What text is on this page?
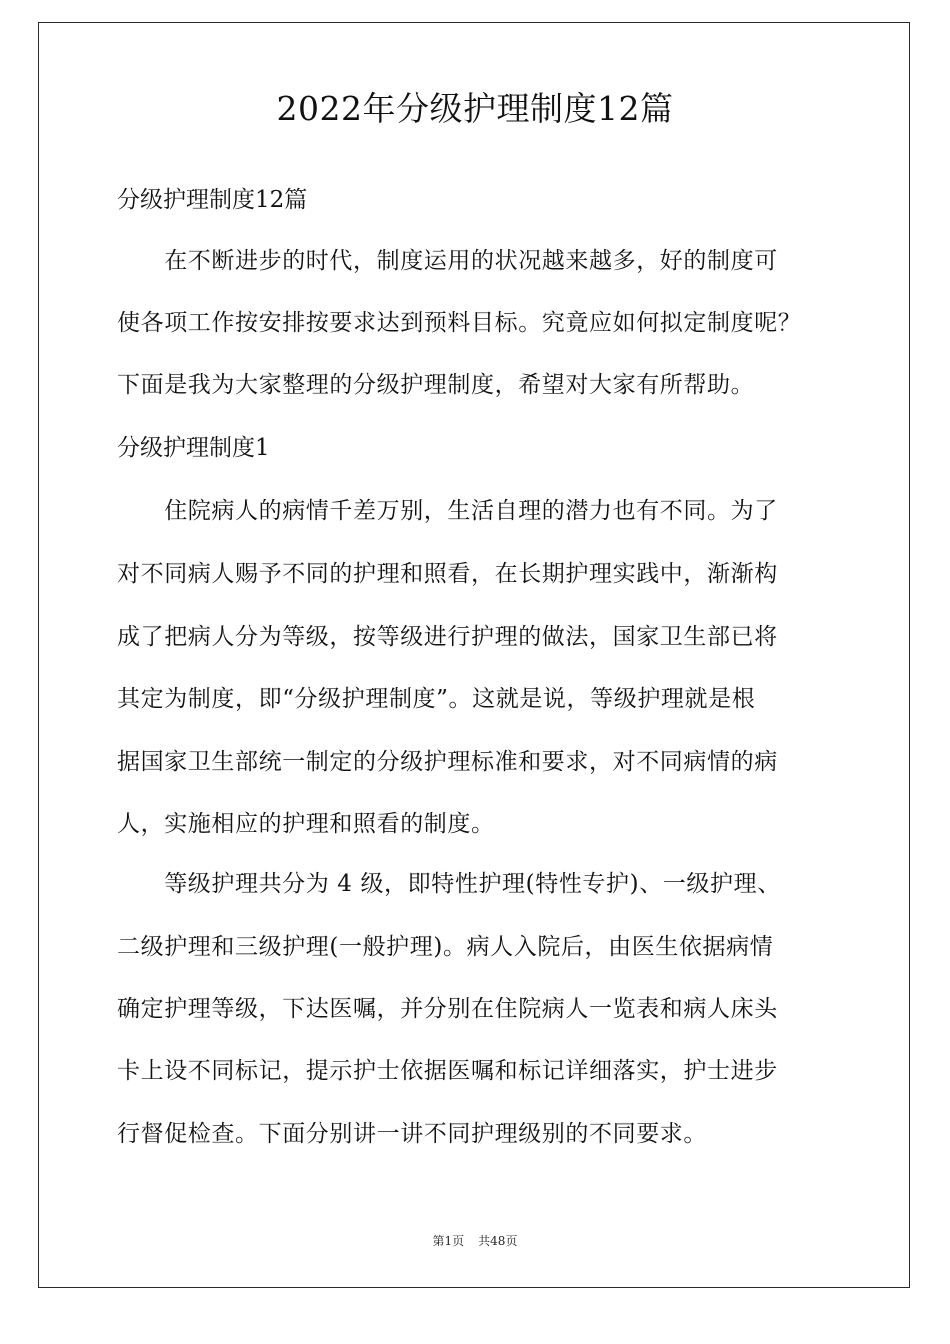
2022年分级护理制度12篇
分级护理制度12篇
　　在不断进步的时代，制度运用的状况越来越多，好的制度可
使各项工作按安排按要求达到预料目标。究竟应如何拟定制度呢？
下面是我为大家整理的分级护理制度，希望对大家有所帮助。
分级护理制度1
　　住院病人的病情千差万别，生活自理的潜力也有不同。为了
对不同病人赐予不同的护理和照看，在长期护理实践中，渐渐构
成了把病人分为等级，按等级进行护理的做法，国家卫生部已将
其定为制度，即“分级护理制度”。这就是说，等级护理就是根
据国家卫生部统一制定的分级护理标准和要求，对不同病情的病
人，实施相应的护理和照看的制度。
　　等级护理共分为 4 级，即特性护理(特性专护)、一级护理、
二级护理和三级护理(一般护理)。病人入院后，由医生依据病情
确定护理等级，下达医嘱，并分别在住院病人一览表和病人床头
卡上设不同标记，提示护士依据医嘱和标记详细落实，护士进步
行督促检查。下面分别讲一讲不同护理级别的不同要求。
第1页 共48页
